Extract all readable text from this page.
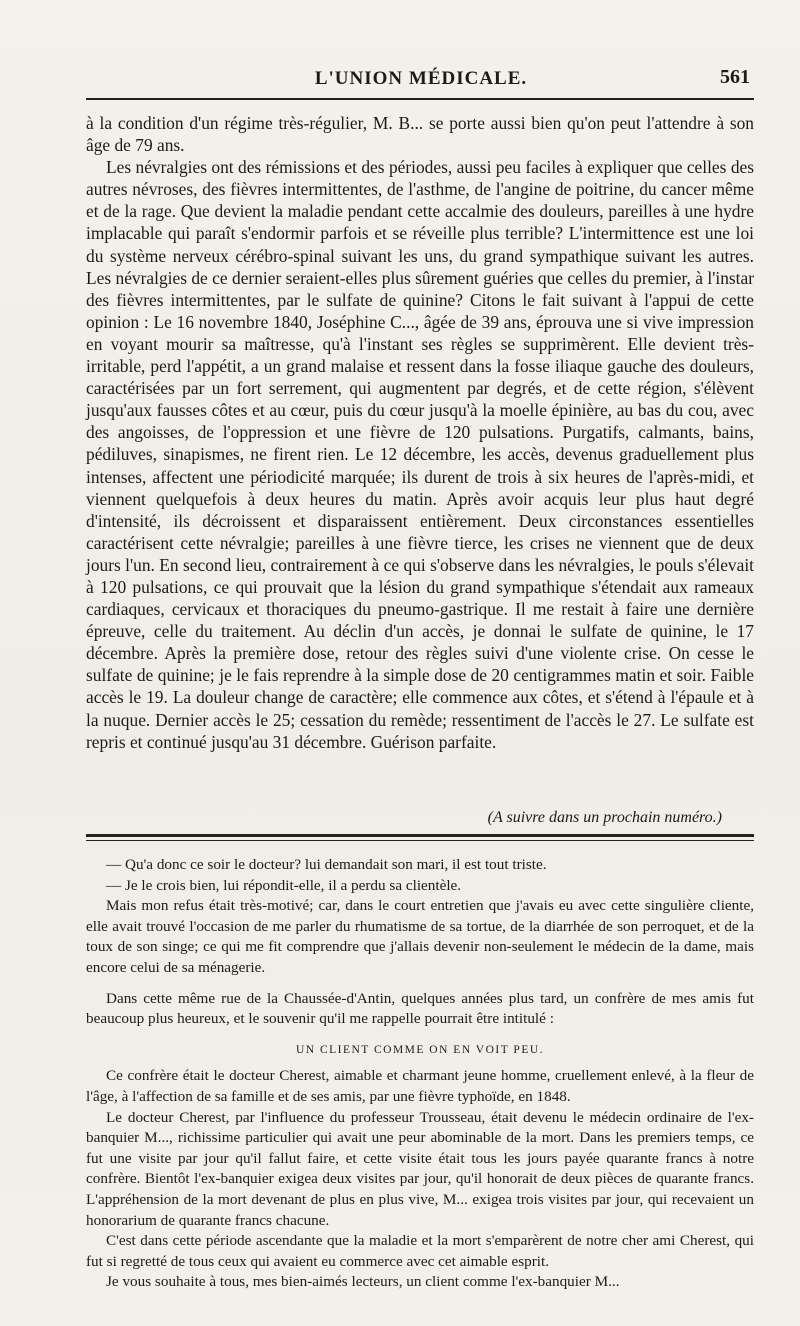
L'UNION MÉDICALE.	561

à la condition d'un régime très-régulier, M. B... se porte aussi bien qu'on peut l'attendre à son âge de 79 ans.

Les névralgies ont des rémissions et des périodes, aussi peu faciles à expliquer que celles des autres névroses, des fièvres intermittentes, de l'asthme, de l'angine de poitrine, du cancer même et de la rage. Que devient la maladie pendant cette accalmie des douleurs, pareilles à une hydre implacable qui paraît s'endormir parfois et se réveille plus terrible? L'intermittence est une loi du système nerveux cérébro-spinal suivant les uns, du grand sympathique suivant les autres. Les névralgies de ce dernier seraient-elles plus sûrement guéries que celles du premier, à l'instar des fièvres intermittentes, par le sulfate de quinine? Citons le fait suivant à l'appui de cette opinion : Le 16 novembre 1840, Joséphine C..., âgée de 39 ans, éprouva une si vive impression en voyant mourir sa maîtresse, qu'à l'instant ses règles se supprimèrent. Elle devient très-irritable, perd l'appétit, a un grand malaise et ressent dans la fosse iliaque gauche des douleurs, caractérisées par un fort serrement, qui augmentent par degrés, et de cette région, s'élèvent jusqu'aux fausses côtes et au cœur, puis du cœur jusqu'à la moelle épinière, au bas du cou, avec des angoisses, de l'oppression et une fièvre de 120 pulsations. Purgatifs, calmants, bains, pédiluves, sinapismes, ne firent rien. Le 12 décembre, les accès, devenus graduellement plus intenses, affectent une périodicité marquée; ils durent de trois à six heures de l'après-midi, et viennent quelquefois à deux heures du matin. Après avoir acquis leur plus haut degré d'intensité, ils décroissent et disparaissent entièrement. Deux circonstances essentielles caractérisent cette névralgie; pareilles à une fièvre tierce, les crises ne viennent que de deux jours l'un. En second lieu, contrairement à ce qui s'observe dans les névralgies, le pouls s'élevait à 120 pulsations, ce qui prouvait que la lésion du grand sympathique s'étendait aux rameaux cardiaques, cervicaux et thoraciques du pneumo-gastrique. Il me restait à faire une dernière épreuve, celle du traitement. Au déclin d'un accès, je donnai le sulfate de quinine, le 17 décembre. Après la première dose, retour des règles suivi d'une violente crise. On cesse le sulfate de quinine; je le fais reprendre à la simple dose de 20 centigrammes matin et soir. Faible accès le 19. La douleur change de caractère; elle commence aux côtes, et s'étend à l'épaule et à la nuque. Dernier accès le 25; cessation du remède; ressentiment de l'accès le 27. Le sulfate est repris et continué jusqu'au 31 décembre. Guérison parfaite.

(A suivre dans un prochain numéro.)

— Qu'a donc ce soir le docteur? lui demandait son mari, il est tout triste.

— Je le crois bien, lui répondit-elle, il a perdu sa clientèle.

Mais mon refus était très-motivé; car, dans le court entretien que j'avais eu avec cette singulière cliente, elle avait trouvé l'occasion de me parler du rhumatisme de sa tortue, de la diarrhée de son perroquet, et de la toux de son singe; ce qui me fit comprendre que j'allais devenir non-seulement le médecin de la dame, mais encore celui de sa ménagerie.

Dans cette même rue de la Chaussée-d'Antin, quelques années plus tard, un confrère de mes amis fut beaucoup plus heureux, et le souvenir qu'il me rappelle pourrait être intitulé :

UN CLIENT COMME ON EN VOIT PEU.

Ce confrère était le docteur Cherest, aimable et charmant jeune homme, cruellement enlevé, à la fleur de l'âge, à l'affection de sa famille et de ses amis, par une fièvre typhoïde, en 1848.

Le docteur Cherest, par l'influence du professeur Trousseau, était devenu le médecin ordinaire de l'ex-banquier M..., richissime particulier qui avait une peur abominable de la mort. Dans les premiers temps, ce fut une visite par jour qu'il fallut faire, et cette visite était tous les jours payée quarante francs à notre confrère. Bientôt l'ex-banquier exigea deux visites par jour, qu'il honorait de deux pièces de quarante francs. L'appréhension de la mort devenant de plus en plus vive, M... exigea trois visites par jour, qui recevaient un honorarium de quarante francs chacune.

C'est dans cette période ascendante que la maladie et la mort s'emparèrent de notre cher ami Cherest, qui fut si regretté de tous ceux qui avaient eu commerce avec cet aimable esprit.

Je vous souhaite à tous, mes bien-aimés lecteurs, un client comme l'ex-banquier M...
